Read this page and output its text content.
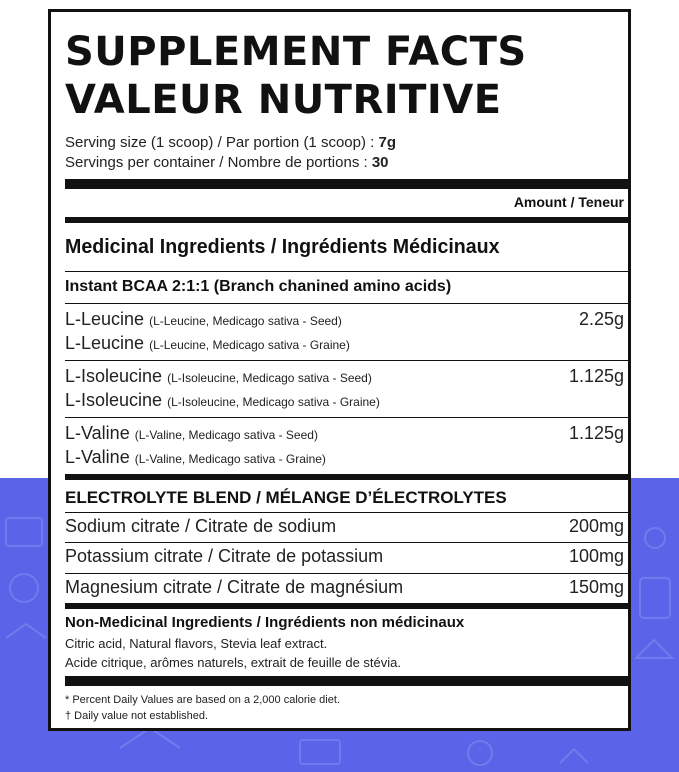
SUPPLEMENT FACTS
VALEUR NUTRITIVE
Serving size (1 scoop) / Par portion (1 scoop) : 7g
Servings per container / Nombre de portions : 30
Amount / Teneur
Medicinal Ingredients / Ingrédients Médicinaux
Instant BCAA 2:1:1 (Branch chanined amino acids)
L-Leucine (L-Leucine, Medicago sativa - Seed)	2.25g
L-Leucine (L-Leucine, Medicago sativa - Graine)
L-Isoleucine (L-Isoleucine, Medicago sativa - Seed)	1.125g
L-Isoleucine (L-Isoleucine, Medicago sativa - Graine)
L-Valine (L-Valine, Medicago sativa - Seed)	1.125g
L-Valine (L-Valine, Medicago sativa - Graine)
ELECTROLYTE BLEND / MÉLANGE D’ÉLECTROLYTES
Sodium citrate / Citrate de sodium	200mg
Potassium citrate / Citrate de potassium	100mg
Magnesium citrate / Citrate de magnésium	150mg
Non-Medicinal Ingredients / Ingrédients non médicinaux
Citric acid, Natural flavors, Stevia leaf extract.
Acide citrique, arômes naturels, extrait de feuille de stévia.
* Percent Daily Values are based on a 2,000 calorie diet.
† Daily value not established.
